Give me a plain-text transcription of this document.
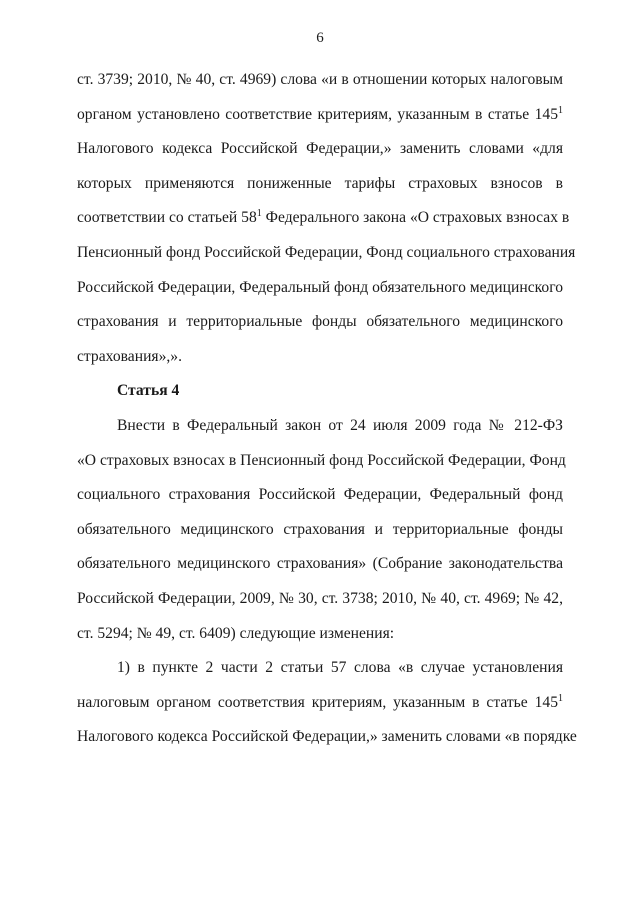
6
ст. 3739; 2010, № 40, ст. 4969) слова «и в отношении которых налоговым
органом установлено соответствие критериям, указанным в статье $145^1$
Налогового кодекса Российской Федерации,» заменить словами «для
которых применяются пониженные тарифы страховых взносов в
соответствии со статьей $58^1$ Федерального закона «О страховых взносах в
Пенсионный фонд Российской Федерации, Фонд социального страхования
Российской Федерации, Федеральный фонд обязательного медицинского
страхования и территориальные фонды обязательного медицинского
страхования»,».
Статья 4
Внести в Федеральный закон от 24 июля 2009 года № 212-ФЗ
«О страховых взносах в Пенсионный фонд Российской Федерации, Фонд
социального страхования Российской Федерации, Федеральный фонд
обязательного медицинского страхования и территориальные фонды
обязательного медицинского страхования» (Собрание законодательства
Российской Федерации, 2009, № 30, ст. 3738; 2010, № 40, ст. 4969; № 42,
ст. 5294; № 49, ст. 6409) следующие изменения:
1) в пункте 2 части 2 статьи 57 слова «в случае установления
налоговым органом соответствия критериям, указанным в статье $145^1$
Налогового кодекса Российской Федерации,» заменить словами «в порядке
